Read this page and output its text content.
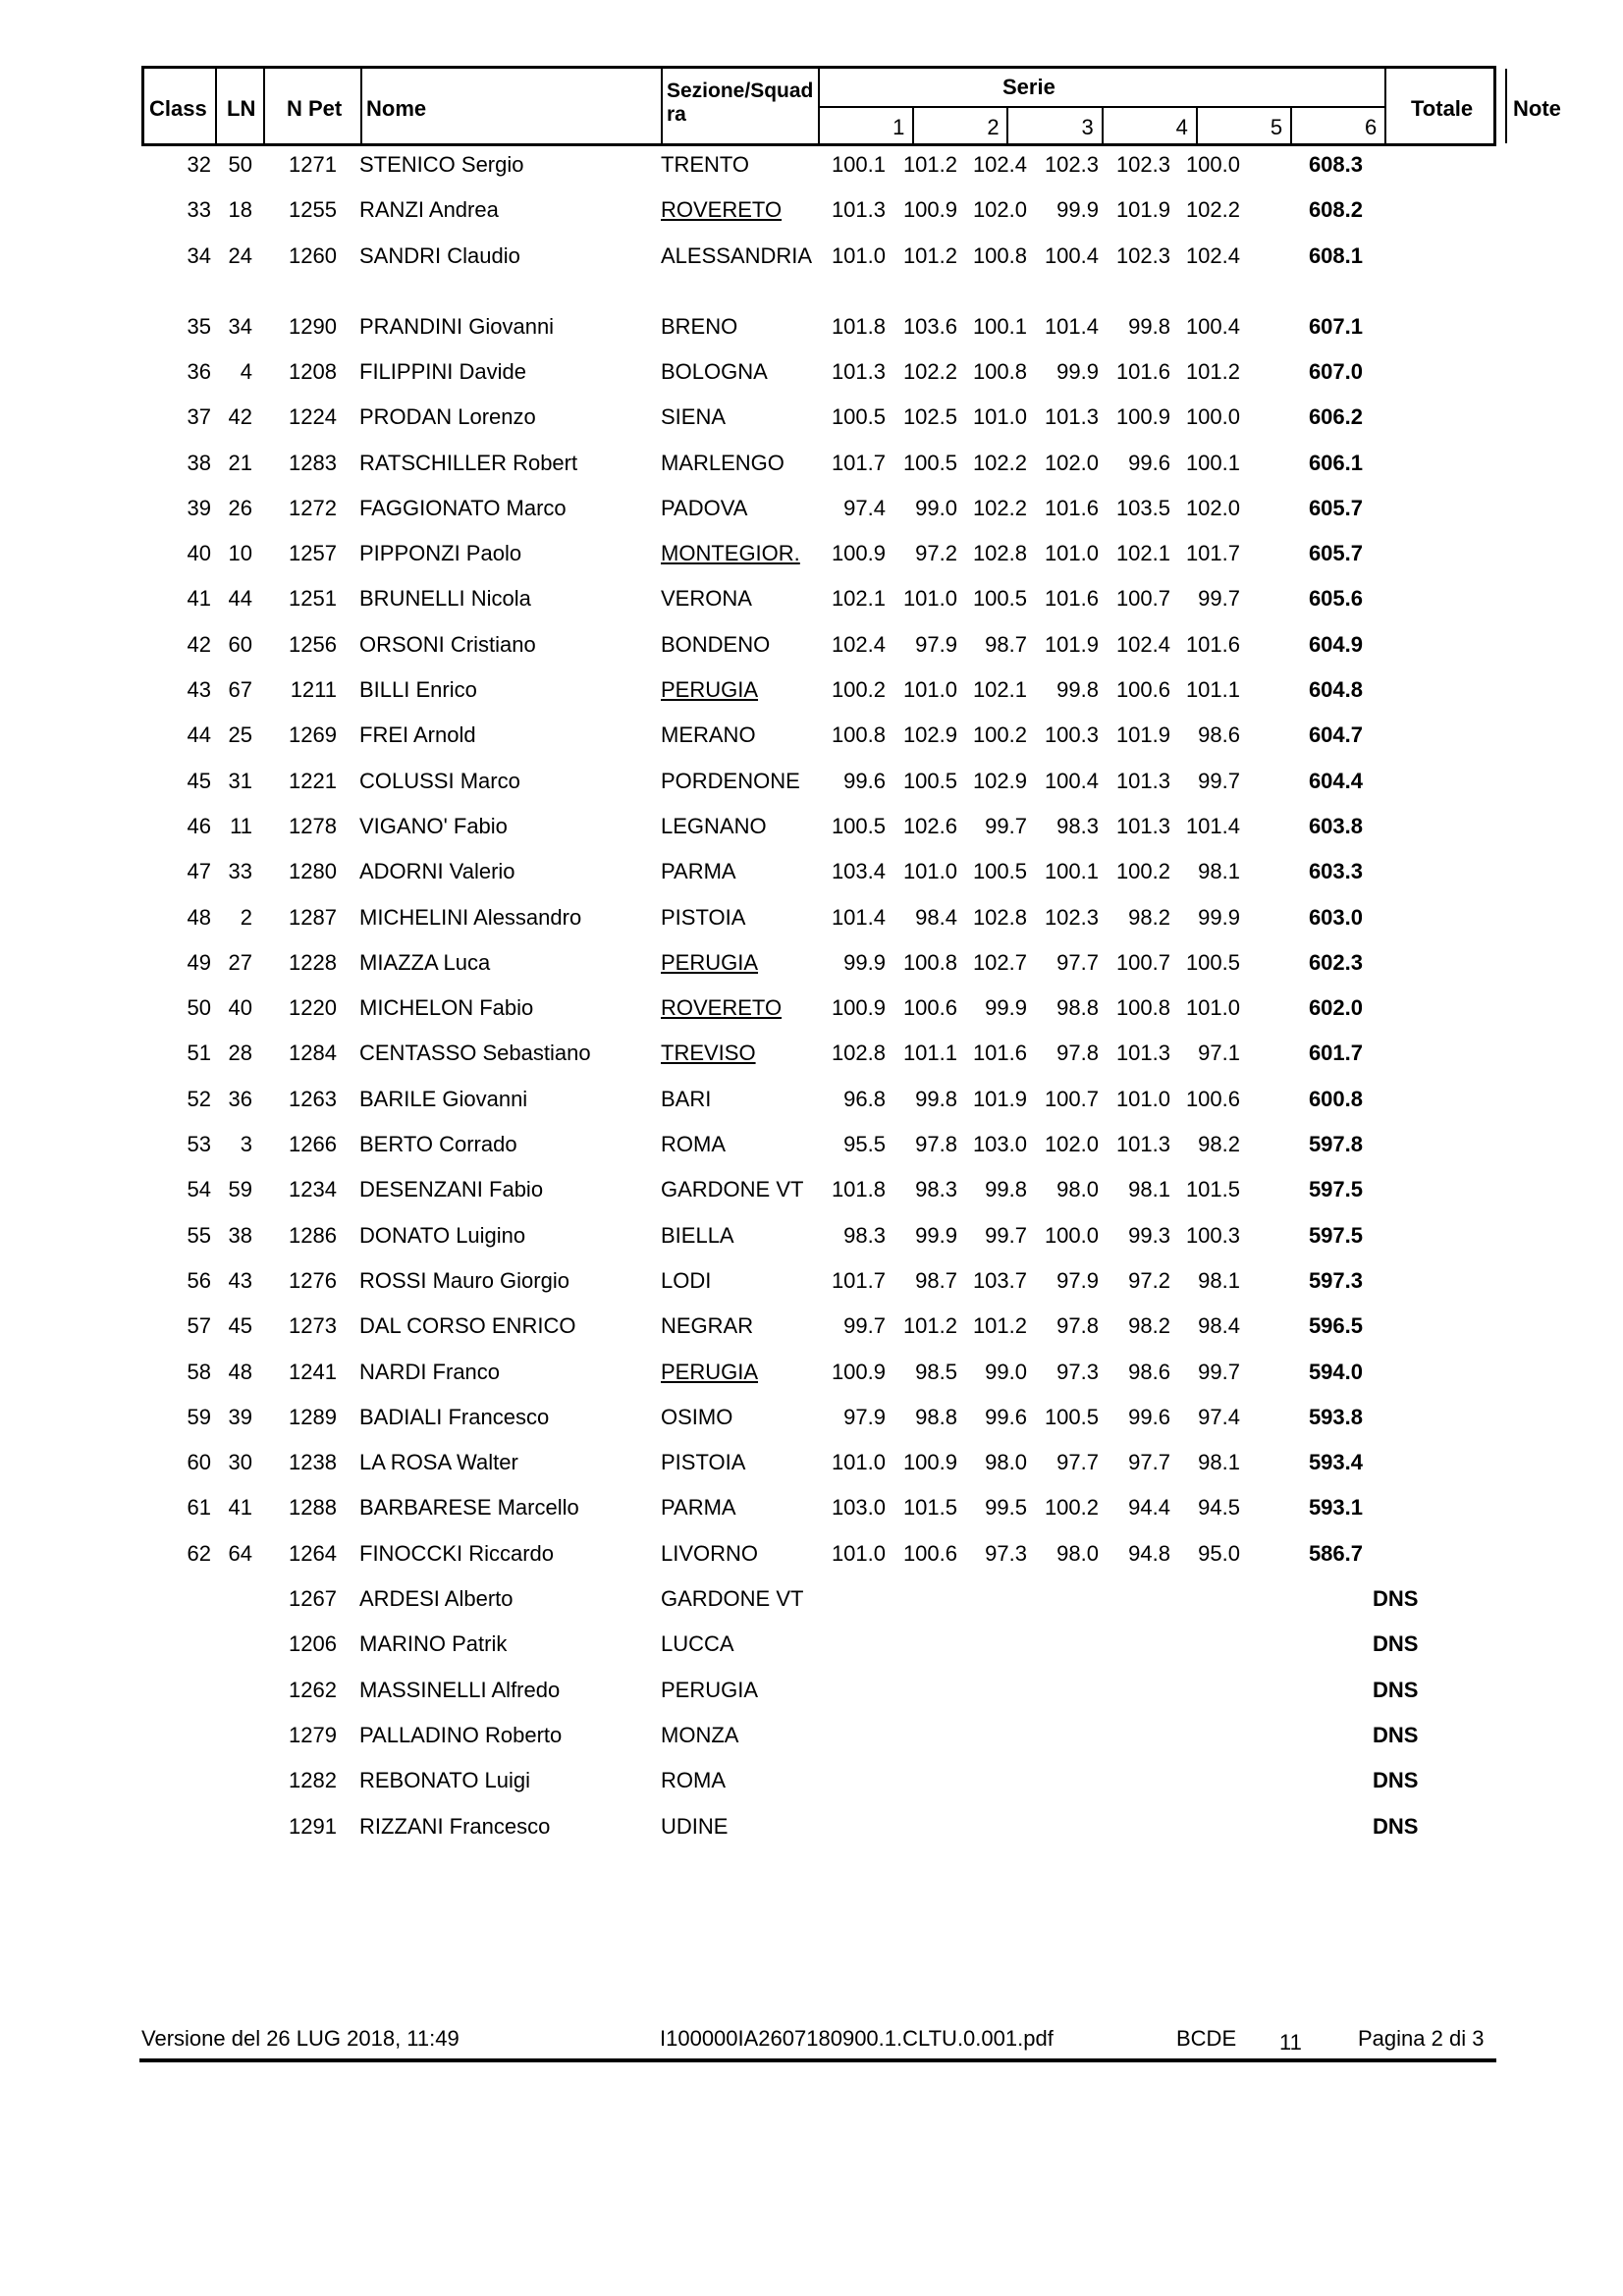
Class LN N Pet Nome
Sezione/Squadra
Serie
Totale Note
1	2	3	4	5	6
32 50	1271 STENICO Sergio	TRENTO	100.1 101.2 102.4 102.3 102.3 100.0	608.3
33 18	1255 RANZI Andrea	ROVERETO	101.3 100.9 102.0	99.9 101.9 102.2	608.2
34 24	1260 SANDRI Claudio	ALESSANDRIA 101.0 101.2 100.8 100.4 102.3 102.4	608.1
35 34	1290 PRANDINI Giovanni	BRENO	101.8 103.6 100.1 101.4	99.8 100.4	607.1
36	4	1208 FILIPPINI Davide	BOLOGNA	101.3 102.2 100.8	99.9 101.6 101.2	607.0
37 42	1224 PRODAN Lorenzo	SIENA	100.5 102.5 101.0 101.3 100.9 100.0	606.2
38 21	1283 RATSCHILLER Robert	MARLENGO	101.7 100.5 102.2 102.0	99.6 100.1	606.1
39 26	1272 FAGGIONATO Marco	PADOVA	97.4	99.0 102.2 101.6 103.5 102.0	605.7
40 10	1257 PIPPONZI Paolo	MONTEGIOR.	100.9	97.2 102.8 101.0 102.1 101.7	605.7
41 44	1251 BRUNELLI Nicola	VERONA	102.1 101.0 100.5 101.6 100.7	99.7	605.6
42 60	1256 ORSONI Cristiano	BONDENO	102.4	97.9	98.7 101.9 102.4 101.6	604.9
43 67	1211 BILLI Enrico	PERUGIA	100.2 101.0 102.1	99.8 100.6 101.1	604.8
44 25	1269 FREI Arnold	MERANO	100.8 102.9 100.2 100.3 101.9	98.6	604.7
45 31	1221 COLUSSI Marco	PORDENONE	99.6 100.5 102.9 100.4 101.3	99.7	604.4
46 11	1278 VIGANO' Fabio	LEGNANO	100.5 102.6	99.7	98.3 101.3 101.4	603.8
47 33	1280 ADORNI Valerio	PARMA	103.4 101.0 100.5 100.1 100.2	98.1	603.3
48	2	1287 MICHELINI Alessandro	PISTOIA	101.4	98.4 102.8 102.3	98.2	99.9	603.0
49 27	1228 MIAZZA Luca	PERUGIA	99.9 100.8 102.7	97.7 100.7 100.5	602.3
50 40	1220 MICHELON Fabio	ROVERETO	100.9 100.6	99.9	98.8 100.8 101.0	602.0
51 28	1284 CENTASSO Sebastiano	TREVISO	102.8 101.1 101.6	97.8 101.3	97.1	601.7
52 36	1263 BARILE Giovanni	BARI	96.8	99.8 101.9 100.7 101.0 100.6	600.8
53	3	1266 BERTO Corrado	ROMA	95.5	97.8 103.0 102.0 101.3	98.2	597.8
54 59	1234 DESENZANI Fabio	GARDONE VT	101.8	98.3	99.8	98.0	98.1 101.5	597.5
55 38	1286 DONATO Luigino	BIELLA	98.3	99.9	99.7 100.0	99.3 100.3	597.5
56 43	1276 ROSSI Mauro Giorgio	LODI	101.7	98.7 103.7	97.9	97.2	98.1	597.3
57 45	1273 DAL CORSO ENRICO	NEGRAR	99.7 101.2 101.2	97.8	98.2	98.4	596.5
58 48	1241 NARDI Franco	PERUGIA	100.9	98.5	99.0	97.3	98.6	99.7	594.0
59 39	1289 BADIALI Francesco	OSIMO	97.9	98.8	99.6 100.5	99.6	97.4	593.8
60 30	1238 LA ROSA Walter	PISTOIA	101.0 100.9	98.0	97.7	97.7	98.1	593.4
61 41	1288 BARBARESE Marcello	PARMA	103.0 101.5	99.5 100.2	94.4	94.5	593.1
62 64	1264 FINOCCKI Riccardo	LIVORNO	101.0 100.6	97.3	98.0	94.8	95.0	586.7
1267 ARDESI Alberto	GARDONE VT	DNS
1206 MARINO Patrik	LUCCA	DNS
1262 MASSINELLI Alfredo	PERUGIA	DNS
1279 PALLADINO Roberto	MONZA	DNS
1282 REBONATO Luigi	ROMA	DNS
1291 RIZZANI Francesco	UDINE	DNS
Versione del 26 LUG 2018, 11:49	I100000IA2607180900.1.CLTU.0.001.pdf	BCDE 11	Pagina 2 di 3
